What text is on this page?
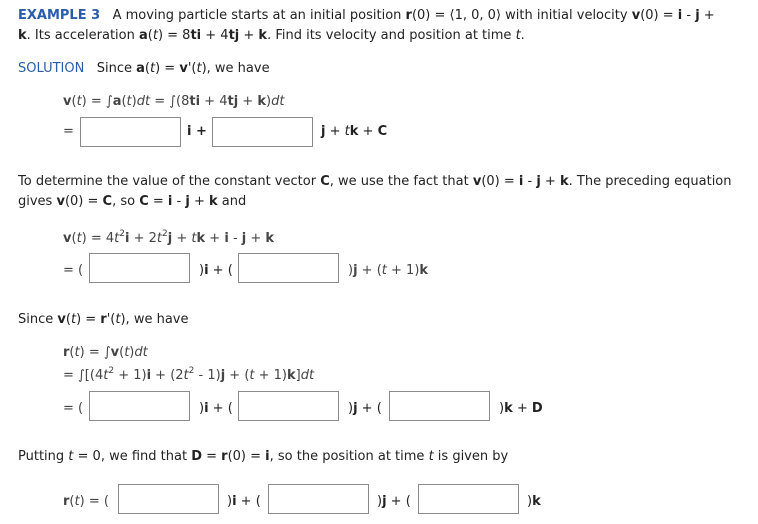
EXAMPLE 3 A moving particle starts at an initial position r(0) = ⟨1, 0, 0⟩ with initial velocity v(0) = i - j +
k. Its acceleration a(t) = 8ti + 4tj + k. Find its velocity and position at time t.
SOLUTION Since a(t) = v'(t), we have
v(t) = ∫a(t)dt = ∫(8ti + 4tj + k)dt
=	i +	j + tk + C
To determine the value of the constant vector C, we use the fact that v(0) = i - j + k. The preceding equation
gives v(0) = C, so C = i - j + k and
$v(t) = 4t^2i + 2t^2j$ + tk + i - j + k
= (	)i + (	)j + (t + 1)k
Since v(t) = r'(t), we have
r(t) = ∫v(t)dt
= $\int[(4t^2 + 1)i + (2t^2 - 1)j + (t + 1)k]dt$
= (	)i + (	)j + (	)k + D
Putting t = 0, we find that D = r(0) = i, so the position at time t is given by
r(t) = (	)i + (	)j + (	)k
